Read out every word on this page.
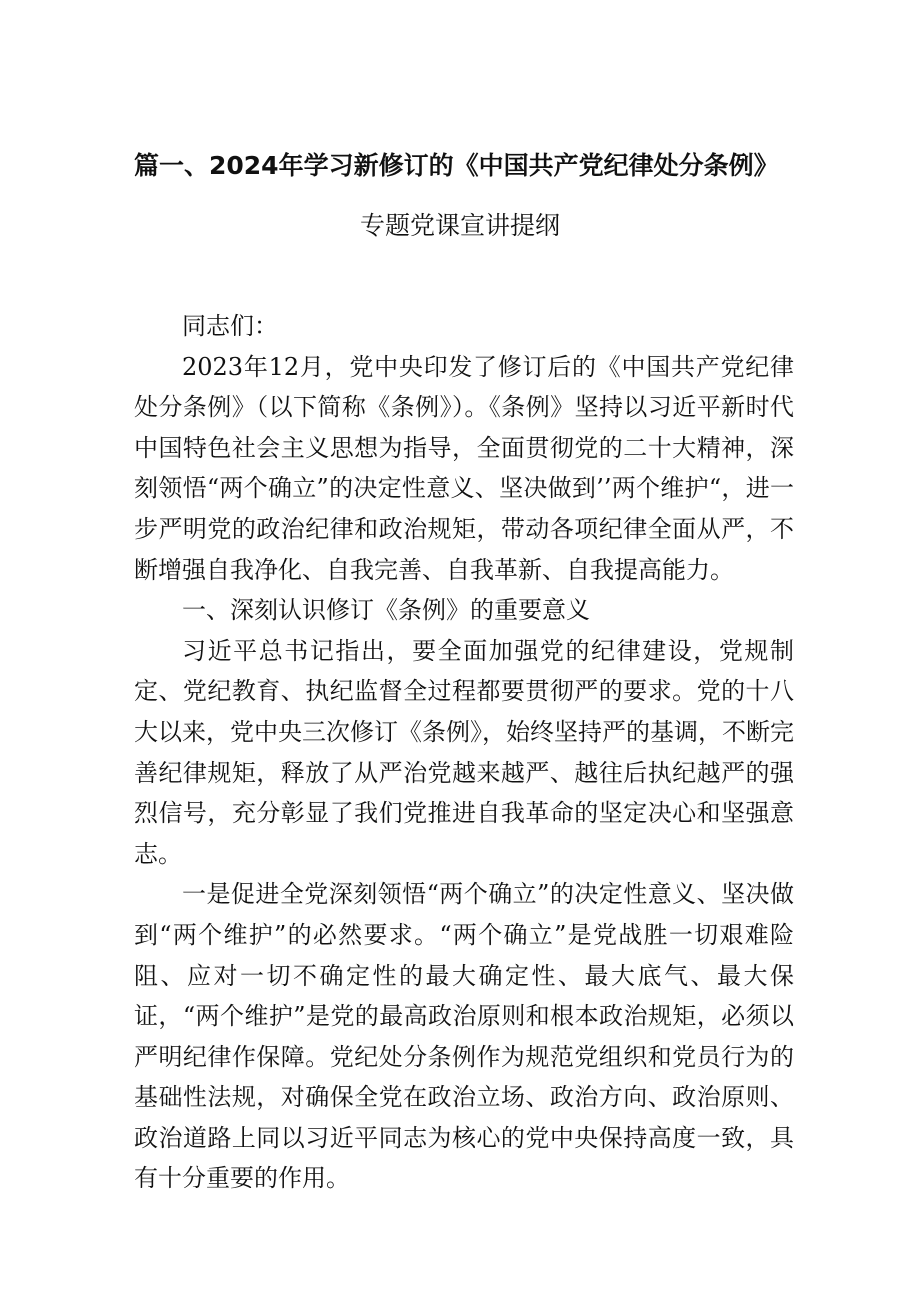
篇一、2024年学习新修订的《中国共产党纪律处分条例》
专题党课宣讲提纲

同志们：

2023年12月，党中央印发了修订后的《中国共产党纪律处分条例》（以下简称《条例》）。《条例》坚持以习近平新时代中国特色社会主义思想为指导，全面贯彻党的二十大精神，深刻领悟“两个确立”的决定性意义、坚决做到’’两个维护“，进一步严明党的政治纪律和政治规矩，带动各项纪律全面从严，不断增强自我净化、自我完善、自我革新、自我提高能力。

一、深刻认识修订《条例》的重要意义

习近平总书记指出，要全面加强党的纪律建设，党规制定、党纪教育、执纪监督全过程都要贯彻严的要求。党的十八大以来，党中央三次修订《条例》，始终坚持严的基调，不断完善纪律规矩，释放了从严治党越来越严、越往后执纪越严的强烈信号，充分彰显了我们党推进自我革命的坚定决心和坚强意志。

一是促进全党深刻领悟“两个确立”的决定性意义、坚决做到“两个维护”的必然要求。“两个确立”是党战胜一切艰难险阻、应对一切不确定性的最大确定性、最大底气、最大保证，“两个维护”是党的最高政治原则和根本政治规矩，必须以严明纪律作保障。党纪处分条例作为规范党组织和党员行为的基础性法规，对确保全党在政治立场、政治方向、政治原则、政治道路上同以习近平同志为核心的党中央保持高度一致，具有十分重要的作用。
